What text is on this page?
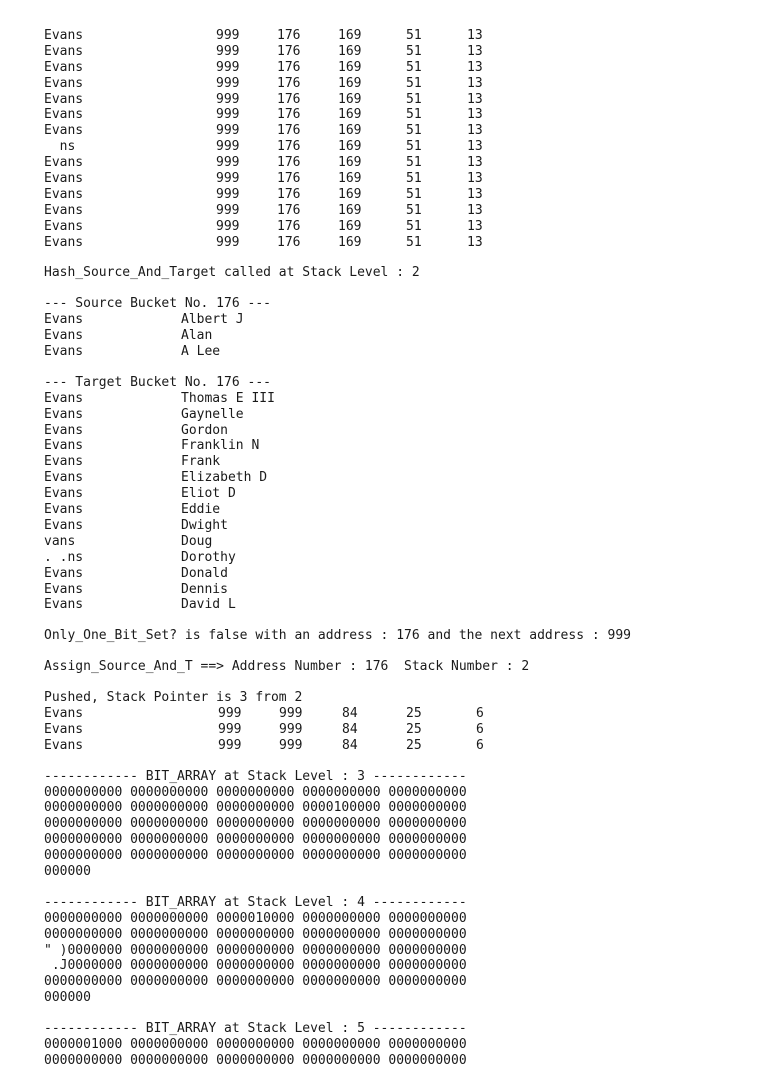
Evans	999	176	169	51	13
Evans	999	176	169	51	13
Evans	999	176	169	51	13
Evans	999	176	169	51	13
Evans	999	176	169	51	13
Evans	999	176	169	51	13
Evans	999	176	169	51	13
ns	999	176	169	51	13
Evans	999	176	169	51	13
Evans	999	176	169	51	13
Evans	999	176	169	51	13
Evans	999	176	169	51	13
Evans	999	176	169	51	13
Evans	999	176	169	51	13

Hash_Source_And_Target called at Stack Level : 2

--- Source Bucket No. 176 ---

Evans	Albert J
Evans	Alan
Evans	A Lee

--- Target Bucket No. 176 ---

Evans	Thomas E III
Evans	Gaynelle
Evans	Gordon
Evans	Franklin N
Evans	Frank
Evans	Elizabeth D
Evans	Eliot D
Evans	Eddie
Evans	Dwight
vans	Doug
. .ns	Dorothy
Evans	Donald
Evans	Dennis
Evans	David L

Only_One_Bit_Set? is false with an address : 176 and the next address : 999

Assign_Source_And_T ==> Address Number : 176  Stack Number : 2

Pushed, Stack Pointer is 3 from 2

Evans	999	999	84	25	6
Evans	999	999	84	25	6
Evans	999	999	84	25	6
------------ BIT_ARRAY at Stack Level : 3 ------------
0000000000 0000000000 0000000000 0000000000 0000000000
0000000000 0000000000 0000000000 0000100000 0000000000
0000000000 0000000000 0000000000 0000000000 0000000000
0000000000 0000000000 0000000000 0000000000 0000000000
0000000000 0000000000 0000000000 0000000000 0000000000
000000
------------ BIT_ARRAY at Stack Level : 4 ------------
0000000000 0000000000 0000010000 0000000000 0000000000
0000000000 0000000000 0000000000 0000000000 0000000000
" )0000000 0000000000 0000000000 0000000000 0000000000
.J0000000 0000000000 0000000000 0000000000 0000000000
0000000000 0000000000 0000000000 0000000000 0000000000
000000
------------ BIT_ARRAY at Stack Level : 5 ------------
0000001000 0000000000 0000000000 0000000000 0000000000
0000000000 0000000000 0000000000 0000000000 0000000000
